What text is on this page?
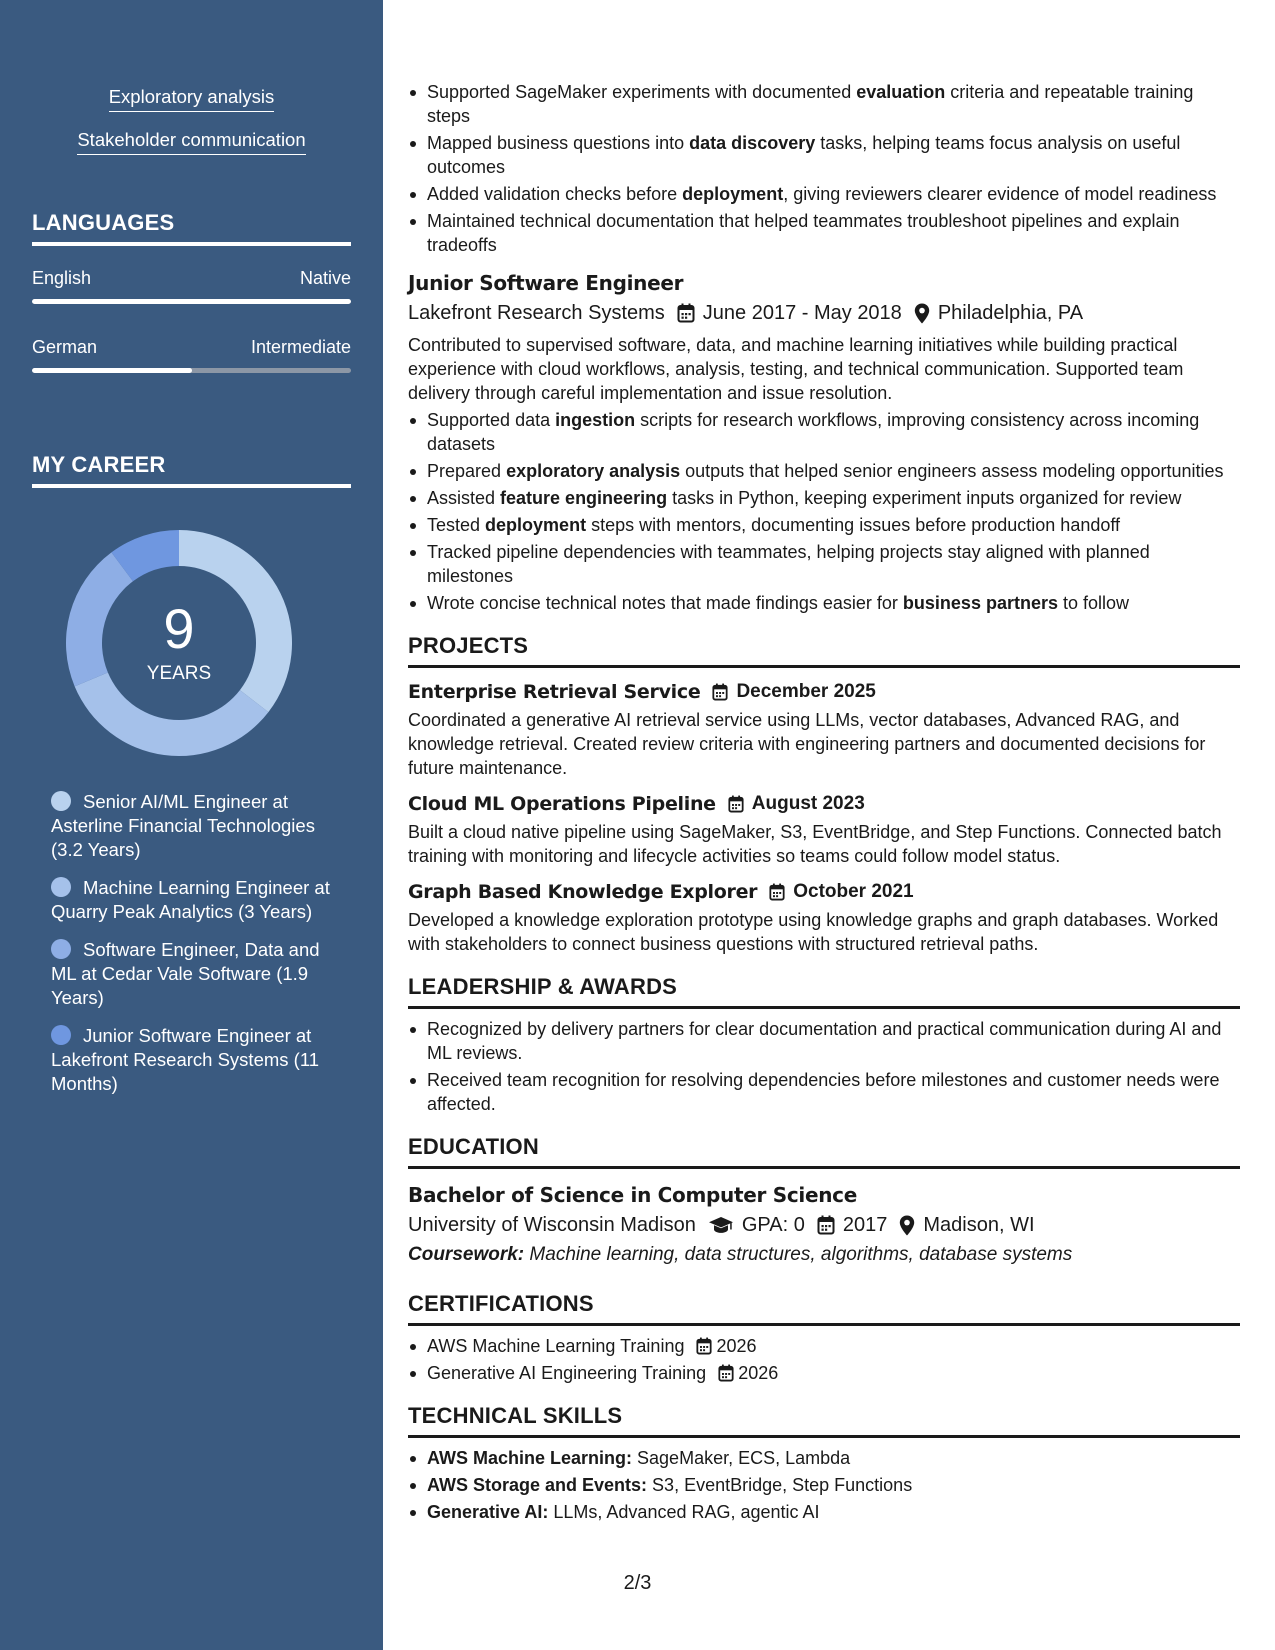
Exploratory analysis
Stakeholder communication
LANGUAGES
English	Native
German	Intermediate
MY CAREER
9
YEARS
Senior AI/ML Engineer at Asterline Financial Technologies (3.2 Years)
Machine Learning Engineer at Quarry Peak Analytics (3 Years)
Software Engineer, Data and ML at Cedar Vale Software (1.9 Years)
Junior Software Engineer at Lakefront Research Systems (11 Months)
Supported SageMaker experiments with documented evaluation criteria and repeatable training steps
Mapped business questions into data discovery tasks, helping teams focus analysis on useful outcomes
Added validation checks before deployment, giving reviewers clearer evidence of model readiness
Maintained technical documentation that helped teammates troubleshoot pipelines and explain tradeoffs
Junior Software Engineer
Lakefront Research Systems June 2017 - May 2018 Philadelphia, PA

Contributed to supervised software, data, and machine learning initiatives while building practical experience with cloud workflows, analysis, testing, and technical communication. Supported team delivery through careful implementation and issue resolution.

Supported data ingestion scripts for research workflows, improving consistency across incoming datasets
Prepared exploratory analysis outputs that helped senior engineers assess modeling opportunities
Assisted feature engineering tasks in Python, keeping experiment inputs organized for review
Tested deployment steps with mentors, documenting issues before production handoff
Tracked pipeline dependencies with teammates, helping projects stay aligned with planned milestones
Wrote concise technical notes that made findings easier for business partners to follow
PROJECTS
Enterprise Retrieval Service December 2025

Coordinated a generative AI retrieval service using LLMs, vector databases, Advanced RAG, and knowledge retrieval. Created review criteria with engineering partners and documented decisions for future maintenance.

Cloud ML Operations Pipeline August 2023

Built a cloud native pipeline using SageMaker, S3, EventBridge, and Step Functions. Connected batch training with monitoring and lifecycle activities so teams could follow model status.

Graph Based Knowledge Explorer October 2021

Developed a knowledge exploration prototype using knowledge graphs and graph databases. Worked with stakeholders to connect business questions with structured retrieval paths.

LEADERSHIP & AWARDS
Recognized by delivery partners for clear documentation and practical communication during AI and ML reviews.
Received team recognition for resolving dependencies before milestones and customer needs were affected.
EDUCATION
Bachelor of Science in Computer Science
University of Wisconsin Madison GPA: 0 2017 Madison, WI
Coursework: Machine learning, data structures, algorithms, database systems
CERTIFICATIONS
AWS Machine Learning Training 2026
Generative AI Engineering Training 2026
TECHNICAL SKILLS
AWS Machine Learning: SageMaker, ECS, Lambda
AWS Storage and Events: S3, EventBridge, Step Functions
Generative AI: LLMs, Advanced RAG, agentic AI
2/3
